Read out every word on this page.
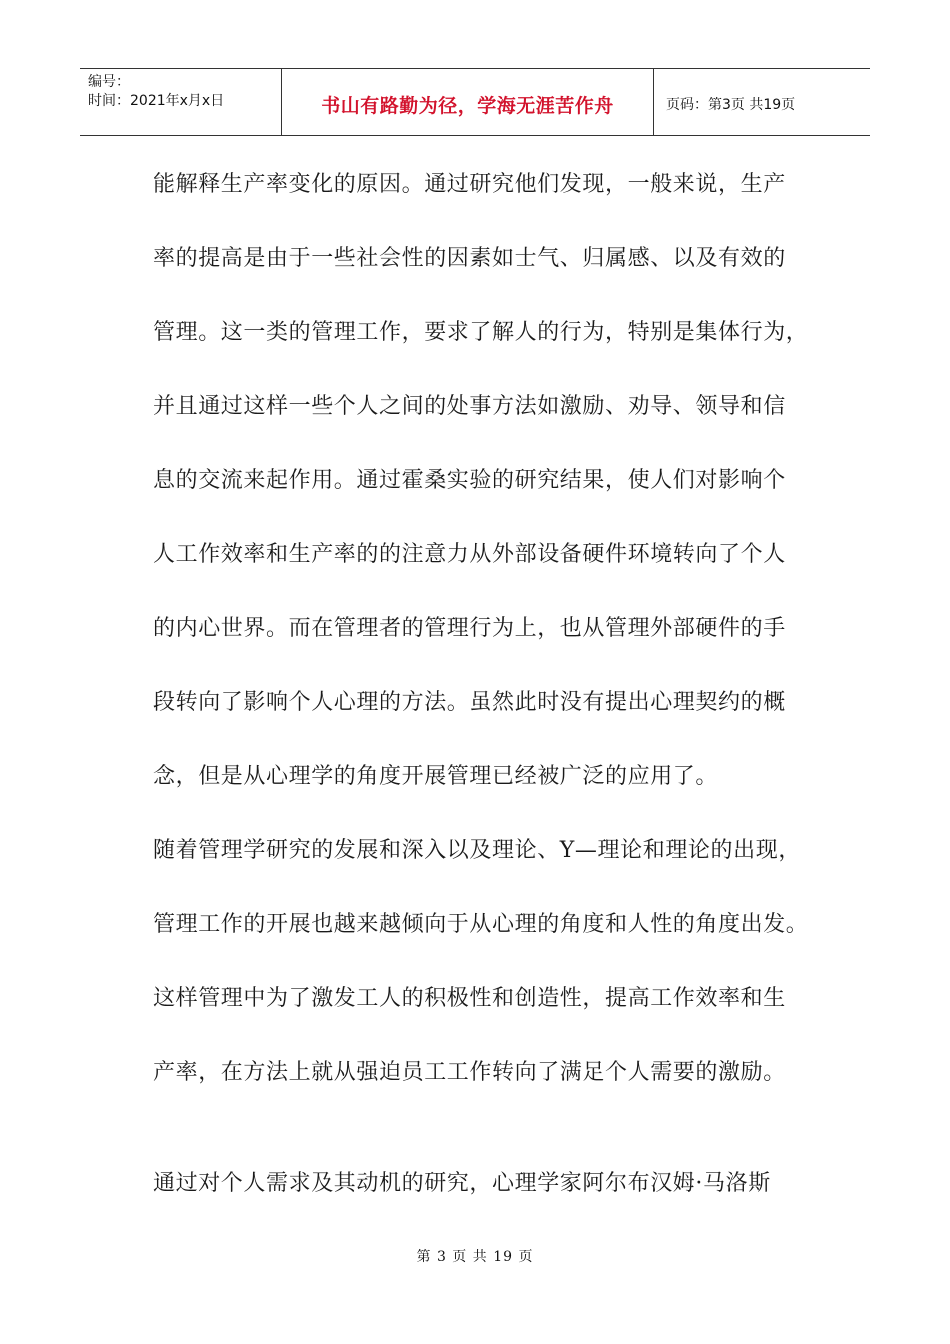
编号：
时间：2021年x月x日	书山有路勤为径，学海无涯苦作舟	页码：第3页 共19页
能解释生产率变化的原因。通过研究他们发现，一般来说，生产
率的提高是由于一些社会性的因素如士气、归属感、以及有效的
管理。这一类的管理工作，要求了解人的行为，特别是集体行为，
并且通过这样一些个人之间的处事方法如激励、劝导、领导和信
息的交流来起作用。通过霍桑实验的研究结果，使人们对影响个
人工作效率和生产率的的注意力从外部设备硬件环境转向了个人
的内心世界。而在管理者的管理行为上，也从管理外部硬件的手
段转向了影响个人心理的方法。虽然此时没有提出心理契约的概
念，但是从心理学的角度开展管理已经被广泛的应用了。
随着管理学研究的发展和深入以及理论、Y—理论和理论的出现，
管理工作的开展也越来越倾向于从心理的角度和人性的角度出发。
这样管理中为了激发工人的积极性和创造性，提高工作效率和生
产率，在方法上就从强迫员工工作转向了满足个人需要的激励。
通过对个人需求及其动机的研究，心理学家阿尔布汉姆·马洛斯
第 3 页 共 19 页
